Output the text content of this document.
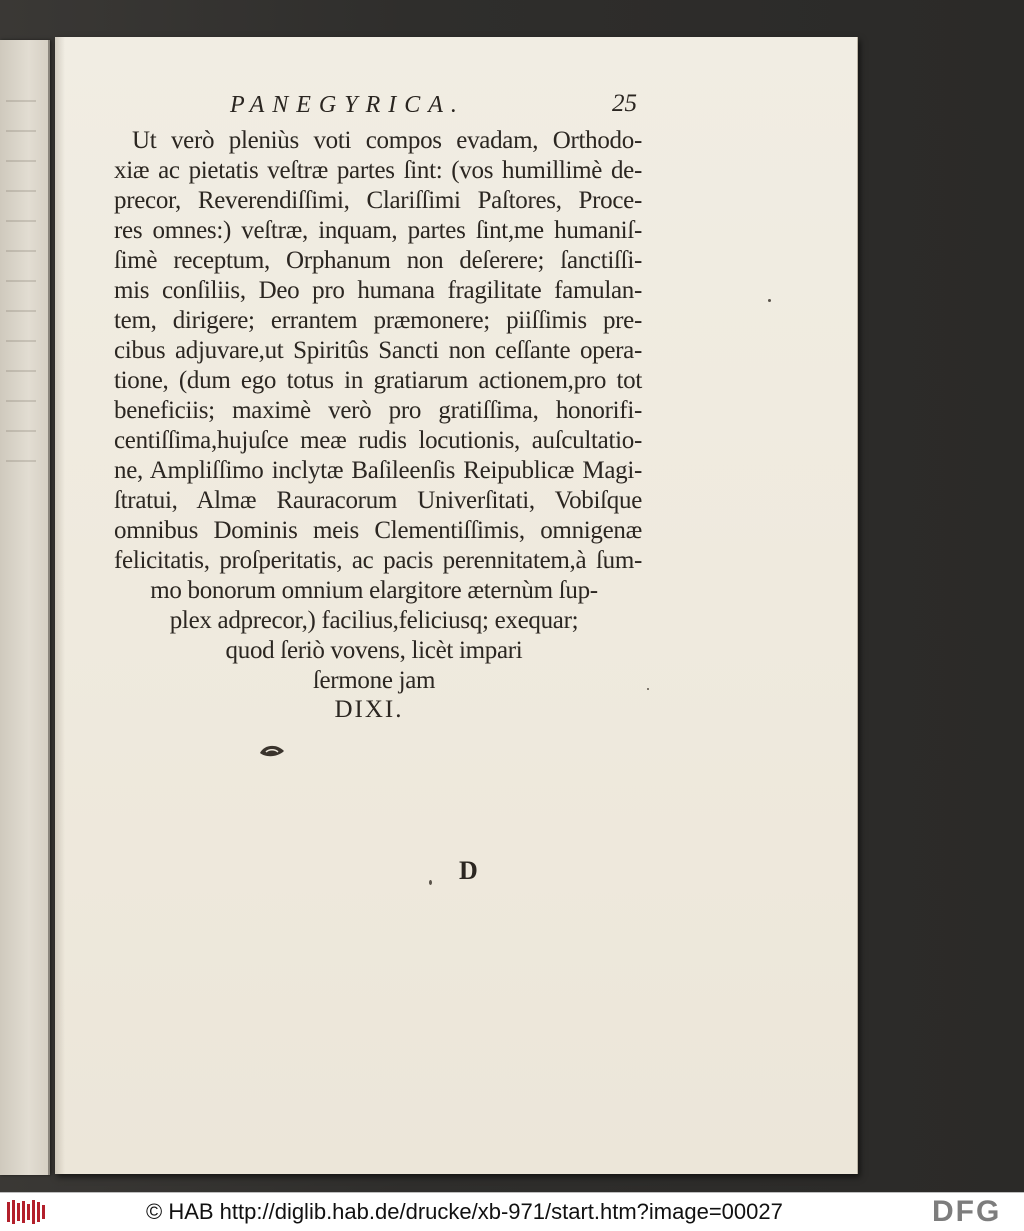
PANEGYRICA.	25
Ut verò pleniùs voti compos evadam, Orthodo-
xiæ ac pietatis veſtræ partes ſint: (vos humillimè de-
precor, Reverendiſſimi, Clariſſimi Paſtores, Proce-
res omnes:) veſtræ, inquam, partes ſint,me humaniſ-
ſimè receptum, Orphanum non deſerere; ſanctiſſi-
mis conſiliis, Deo pro humana fragilitate famulan-
tem, dirigere; errantem præmonere; piiſſimis pre-
cibus adjuvare,ut Spiritûs Sancti non ceſſante opera-
tione, (dum ego totus in gratiarum actionem,pro tot
beneficiis; maximè verò pro gratiſſima, honorifi-
centiſſima,hujuſce meæ rudis locutionis, auſcultatio-
ne, Ampliſſimo inclytæ Baſileenſis Reipublicæ Magi-
ſtratui, Almæ Rauracorum Univerſitati, Vobiſque
omnibus Dominis meis Clementiſſimis, omnigenæ
felicitatis, proſperitatis, ac pacis perennitatem,à ſum-
mo bonorum omnium elargitore æternùm ſup-
plex adprecor,) facilius,feliciusq; exequar;
quod ſeriò vovens, licèt impari
ſermone jam
DIXI.
D
© HAB http://diglib.hab.de/drucke/xb-971/start.htm?image=00027	DFG
